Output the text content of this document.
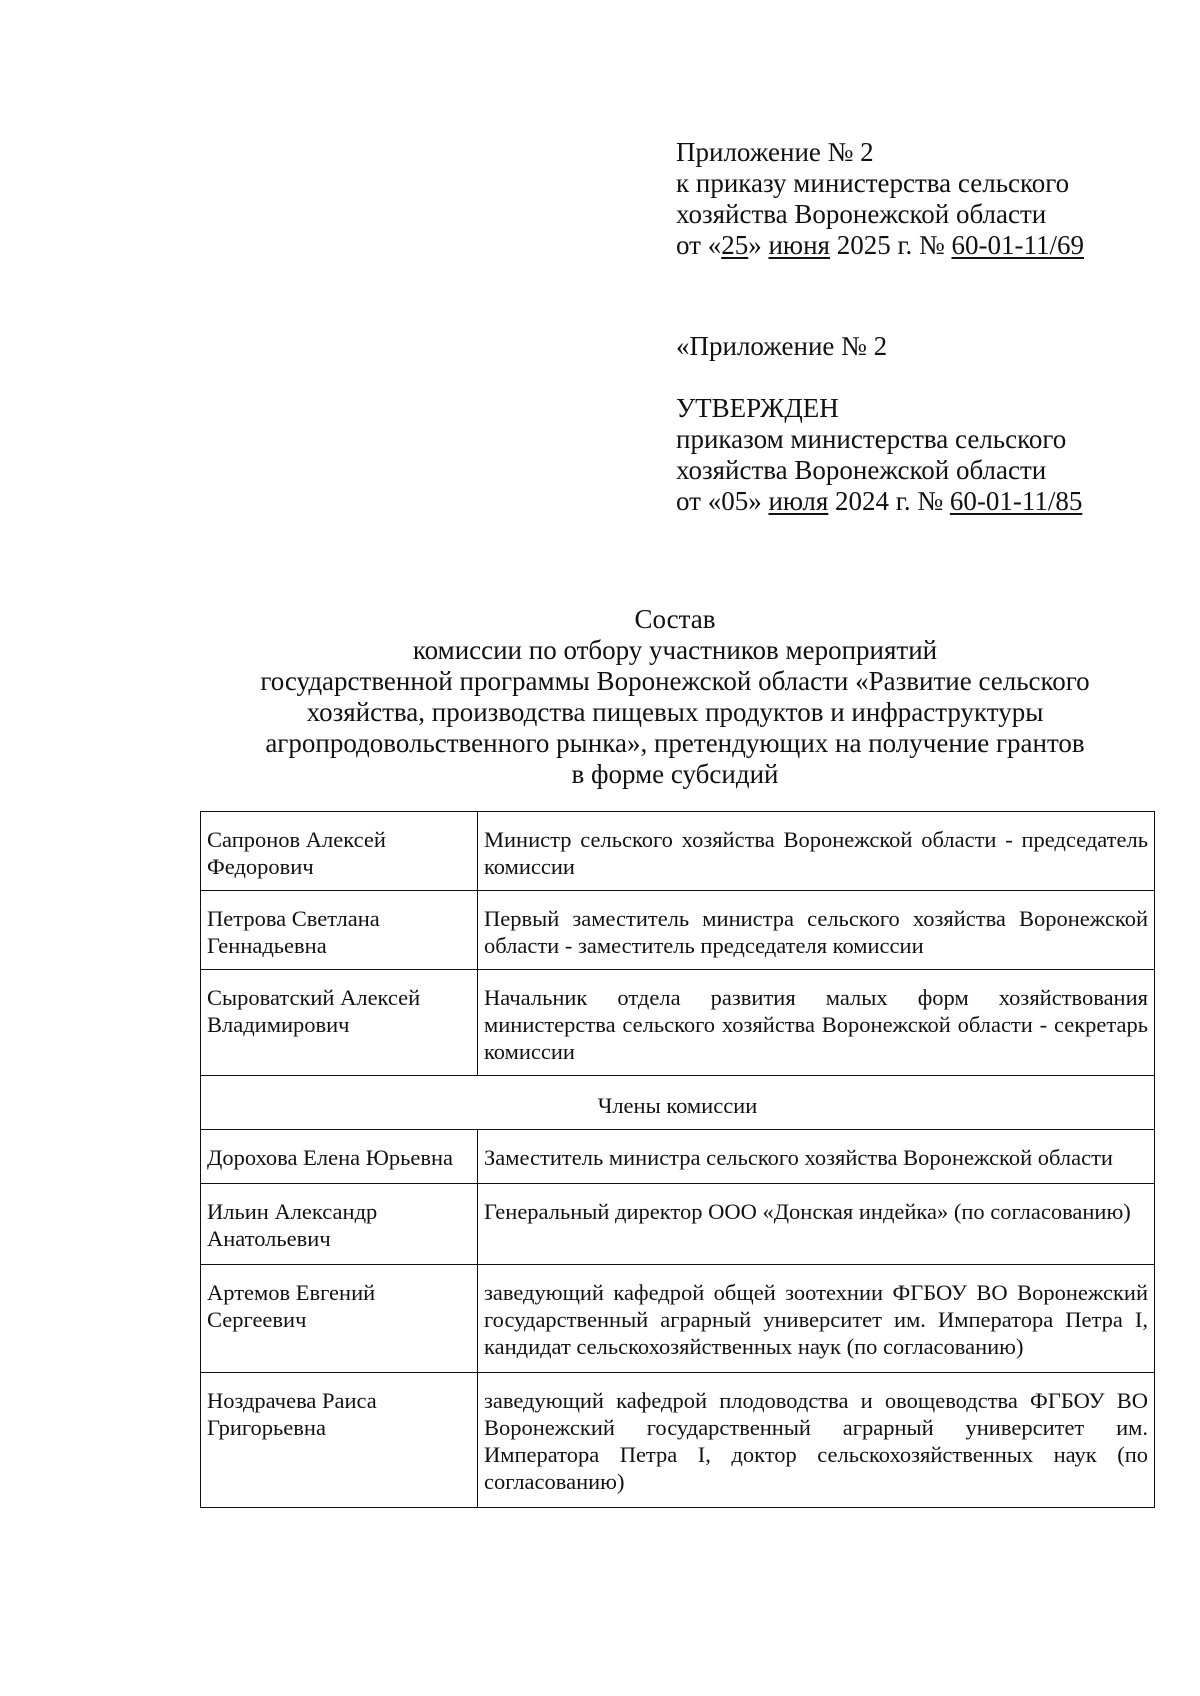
Приложение № 2
к приказу министерства сельского
хозяйства Воронежской области
от «25» июня 2025 г. № 60-01-11/69
«Приложение № 2
УТВЕРЖДЕН
приказом министерства сельского
хозяйства Воронежской области
от «05» июля 2024 г. № 60-01-11/85
Состав
комиссии по отбору участников мероприятий
государственной программы Воронежской области «Развитие сельского
хозяйства, производства пищевых продуктов и инфраструктуры
агропродовольственного рынка», претендующих на получение грантов
в форме субсидий
Сапронов Алексей Федорович	Министр сельского хозяйства Воронежской области - председатель комиссии
Петрова Светлана Геннадьевна	Первый заместитель министра сельского хозяйства Воронежской области - заместитель председателя комиссии
Сыроватский Алексей Владимирович	Начальник отдела развития малых форм хозяйствования министерства сельского хозяйства Воронежской области - секретарь комиссии
Члены комиссии	
Дорохова Елена Юрьевна	Заместитель министра сельского хозяйства Воронежской области
Ильин Александр Анатольевич	Генеральный директор ООО «Донская индейка» (по согласованию)
Артемов Евгений Сергеевич	заведующий кафедрой общей зоотехнии ФГБОУ ВО Воронежский государственный аграрный университет им. Императора Петра I, кандидат сельскохозяйственных наук (по согласованию)
Ноздрачева Раиса Григорьевна	заведующий кафедрой плодоводства и овощеводства ФГБОУ ВО Воронежский государственный аграрный университет им. Императора Петра I, доктор сельскохозяйственных наук (по согласованию)
